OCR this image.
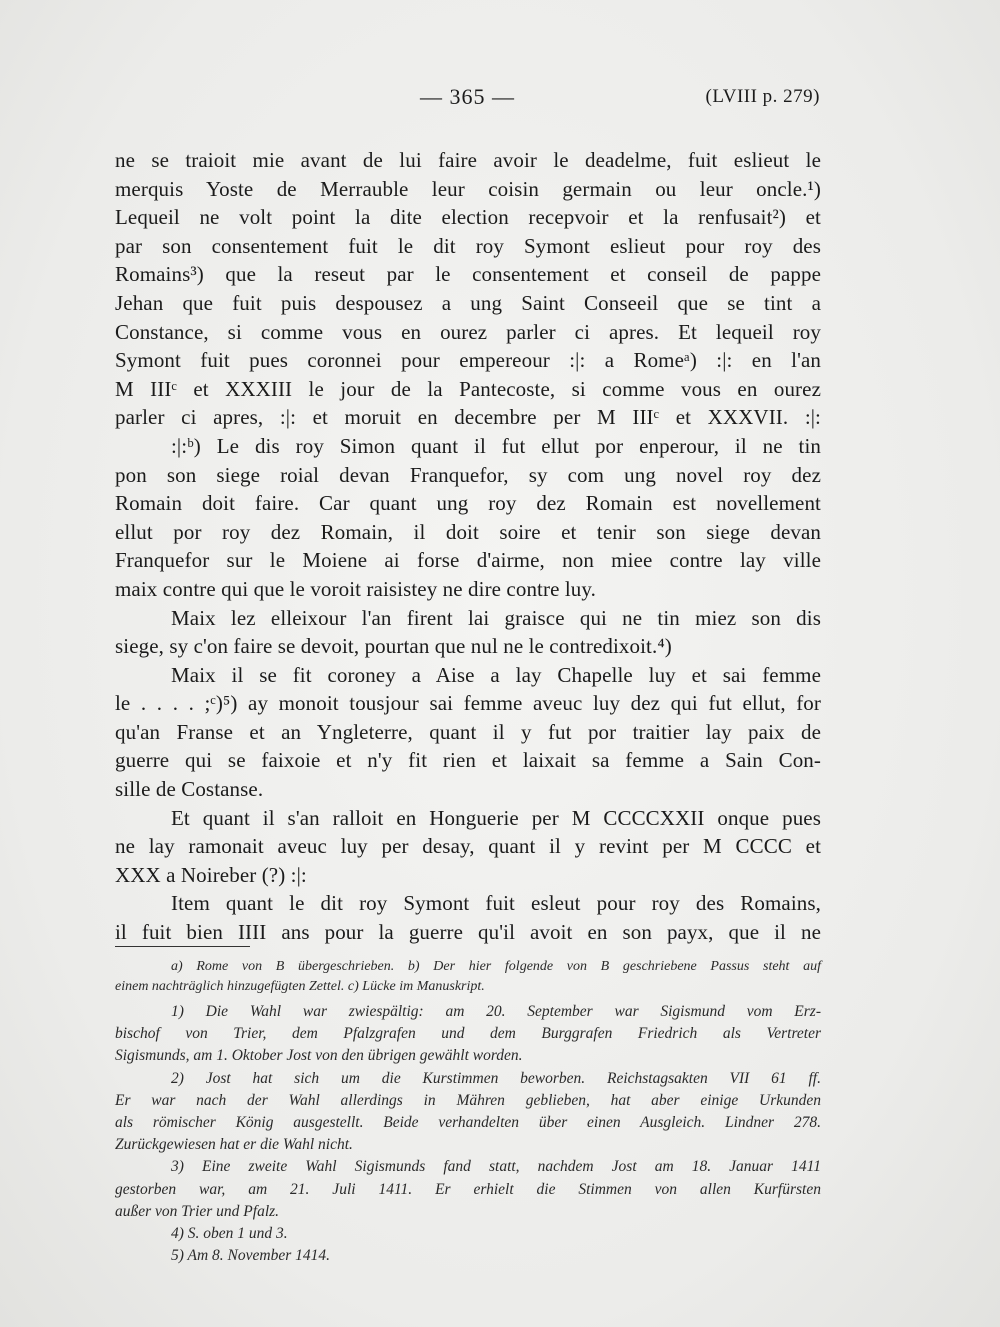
— 365 —	(LVIII p. 279)
ne se traioit mie avant de lui faire avoir le deadelme, fuit eslieut le
merquis Yoste de Merrauble leur coisin germain ou leur oncle.¹)
Lequeil ne volt point la dite election recepvoir et la renfusait²) et
par son consentement fuit le dit roy Symont eslieut pour roy des
Romains³) que la reseut par le consentement et conseil de pappe
Jehan que fuit puis despousez a ung Saint Conseeil que se tint a
Constance, si comme vous en ourez parler ci apres. Et lequeil roy
Symont fuit pues coronnei pour empereour :|: a Romeᵃ) :|: en l'an
M IIIᶜ et XXXIII le jour de la Pantecoste, si comme vous en ourez
parler ci apres, :|: et moruit en decembre per M IIIᶜ et XXXVII. :|:
:|:ᵇ) Le dis roy Simon quant il fut ellut por enperour, il ne tin
pon son siege roial devan Franquefor, sy com ung novel roy dez
Romain doit faire. Car quant ung roy dez Romain est novellement
ellut por roy dez Romain, il doit soire et tenir son siege devan
Franquefor sur le Moiene ai forse d'airme, non miee contre lay ville
maix contre qui que le voroit raisistey ne dire contre luy.
Maix lez elleixour l'an firent lai graisce qui ne tin miez son dis
siege, sy c'on faire se devoit, pourtan que nul ne le contredixoit.⁴)
Maix il se fit coroney a Aise a lay Chapelle luy et sai femme
le . . . . ;ᶜ)⁵) ay monoit tousjour sai femme aveuc luy dez qui fut ellut, for
qu'an Franse et an Yngleterre, quant il y fut por traitier lay paix de
guerre qui se faixoie et n'y fit rien et laixait sa femme a Sain Con-
sille de Costanse.
Et quant il s'an ralloit en Honguerie per M CCCCXXII onque pues
ne lay ramonait aveuc luy per desay, quant il y revint per M CCCC et
XXX a Noireber (?) :|:
Item quant le dit roy Symont fuit esleut pour roy des Romains,
il fuit bien IIII ans pour la guerre qu'il avoit en son payx, que il ne
a) Rome von B übergeschrieben. b) Der hier folgende von B geschriebene Passus steht auf
einem nachträglich hinzugefügten Zettel. c) Lücke im Manuskript.
1) Die Wahl war zwiespältig: am 20. September war Sigismund vom Erz-
bischof von Trier, dem Pfalzgrafen und dem Burggrafen Friedrich als Vertreter
Sigismunds, am 1. Oktober Jost von den übrigen gewählt worden.
2) Jost hat sich um die Kurstimmen beworben. Reichstagsakten VII 61 ff.
Er war nach der Wahl allerdings in Mähren geblieben, hat aber einige Urkunden
als römischer König ausgestellt. Beide verhandelten über einen Ausgleich. Lindner 278.
Zurückgewiesen hat er die Wahl nicht.
3) Eine zweite Wahl Sigismunds fand statt, nachdem Jost am 18. Januar 1411
gestorben war, am 21. Juli 1411. Er erhielt die Stimmen von allen Kurfürsten
außer von Trier und Pfalz.
4) S. oben 1 und 3.
5) Am 8. November 1414.
